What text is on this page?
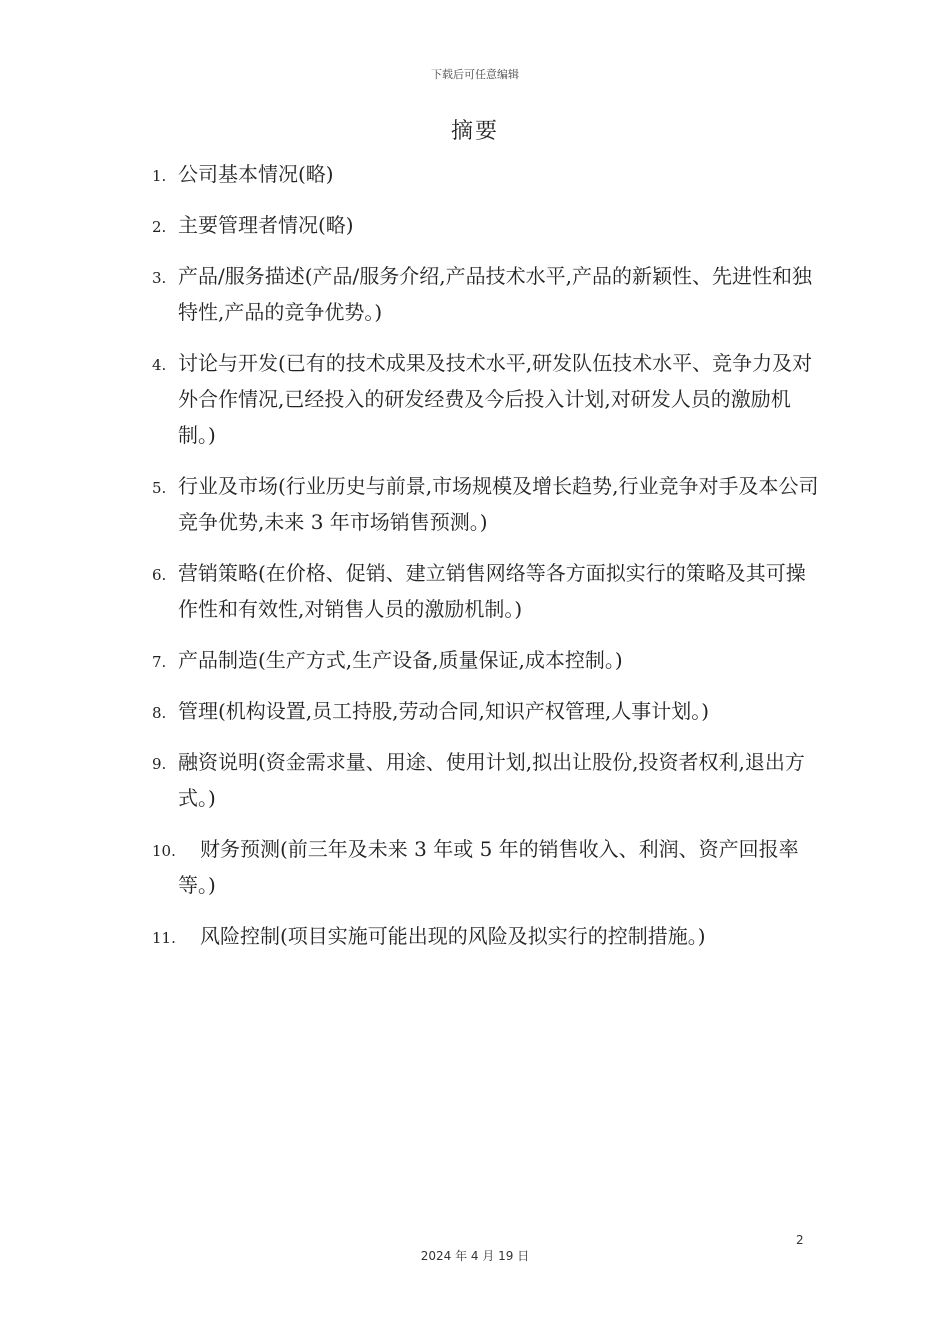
下载后可任意编辑
摘要
1. 公司基本情况(略)
2. 主要管理者情况(略)
3. 产品/服务描述(产品/服务介绍,产品技术水平,产品的新颖性、先进性和独特性,产品的竞争优势。)
4. 讨论与开发(已有的技术成果及技术水平,研发队伍技术水平、竞争力及对外合作情况,已经投入的研发经费及今后投入计划,对研发人员的激励机制。)
5. 行业及市场(行业历史与前景,市场规模及增长趋势,行业竞争对手及本公司竞争优势,未来 3 年市场销售预测。)
6. 营销策略(在价格、促销、建立销售网络等各方面拟实行的策略及其可操作性和有效性,对销售人员的激励机制。)
7. 产品制造(生产方式,生产设备,质量保证,成本控制。)
8. 管理(机构设置,员工持股,劳动合同,知识产权管理,人事计划。)
9. 融资说明(资金需求量、用途、使用计划,拟出让股份,投资者权利,退出方式。)
10.	财务预测(前三年及未来 3 年或 5 年的销售收入、利润、资产回报率等。)
11.	风险控制(项目实施可能出现的风险及拟实行的控制措施。)
2
2024 年 4 月 19 日
